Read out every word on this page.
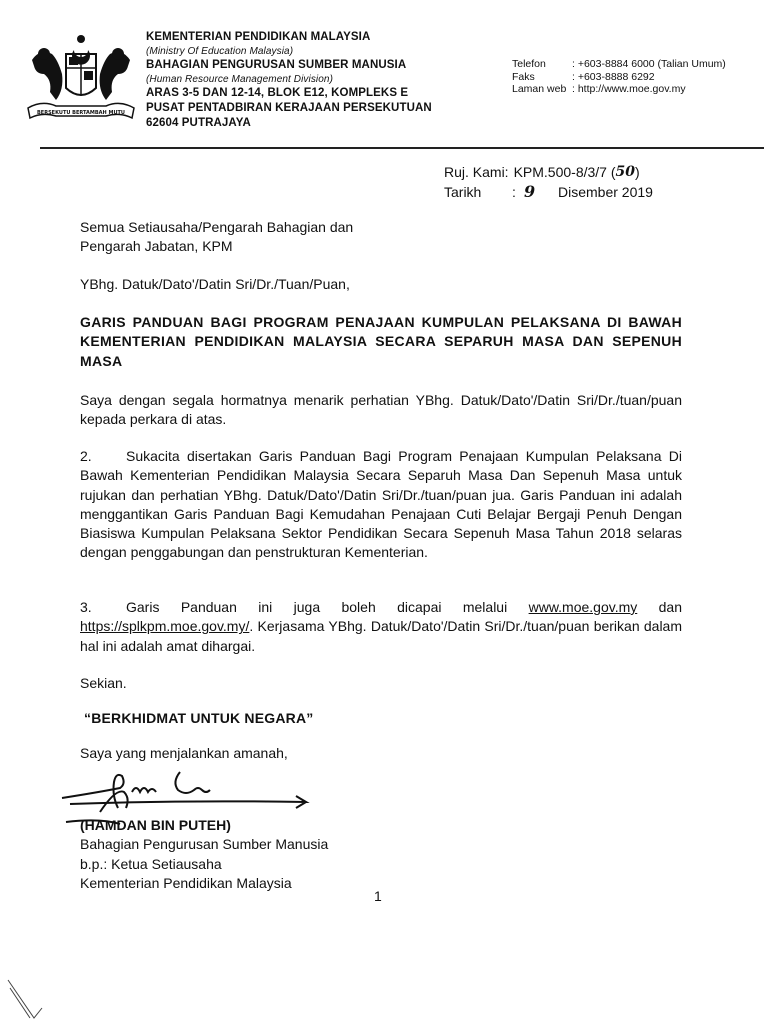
BERSEKUTU BERTAMBAH MUTU
KEMENTERIAN PENDIDIKAN MALAYSIA
(Ministry Of Education Malaysia)
BAHAGIAN PENGURUSAN SUMBER MANUSIA
(Human Resource Management Division)
ARAS 3-5 DAN 12-14, BLOK E12, KOMPLEKS E
PUSAT PENTADBIRAN KERAJAAN PERSEKUTUAN
62604 PUTRAJAYA
Telefon	: +603-8884 6000 (Talian Umum)
Faks	: +603-8888 6292
Laman web : http://www.moe.gov.my
Ruj. Kami: KPM.500-8/3/7 ( 50 )
Tarikh	: 9	Disember 2019
Semua Setiausaha/Pengarah Bahagian dan
Pengarah Jabatan, KPM
YBhg. Datuk/Dato'/Datin Sri/Dr./Tuan/Puan,
GARIS PANDUAN BAGI PROGRAM PENAJAAN KUMPULAN PELAKSANA DI BAWAH KEMENTERIAN PENDIDIKAN MALAYSIA SECARA SEPARUH MASA DAN SEPENUH MASA
Saya dengan segala hormatnya menarik perhatian YBhg. Datuk/Dato'/Datin Sri/Dr./tuan/puan kepada perkara di atas.
2. Sukacita disertakan Garis Panduan Bagi Program Penajaan Kumpulan Pelaksana Di Bawah Kementerian Pendidikan Malaysia Secara Separuh Masa Dan Sepenuh Masa untuk rujukan dan perhatian YBhg. Datuk/Dato'/Datin Sri/Dr./tuan/puan jua. Garis Panduan ini adalah menggantikan Garis Panduan Bagi Kemudahan Penajaan Cuti Belajar Bergaji Penuh Dengan Biasiswa Kumpulan Pelaksana Sektor Pendidikan Secara Sepenuh Masa Tahun 2018 selaras dengan penggabungan dan penstrukturan Kementerian.
3. Garis Panduan ini juga boleh dicapai melalui www.moe.gov.my dan https://splkpm.moe.gov.my/. Kerjasama YBhg. Datuk/Dato'/Datin Sri/Dr./tuan/puan berikan dalam hal ini adalah amat dihargai.
Sekian.
“BERKHIDMAT UNTUK NEGARA”
Saya yang menjalankan amanah,
(HAMDAN BIN PUTEH)
Bahagian Pengurusan Sumber Manusia
b.p.: Ketua Setiausaha
Kementerian Pendidikan Malaysia
1
